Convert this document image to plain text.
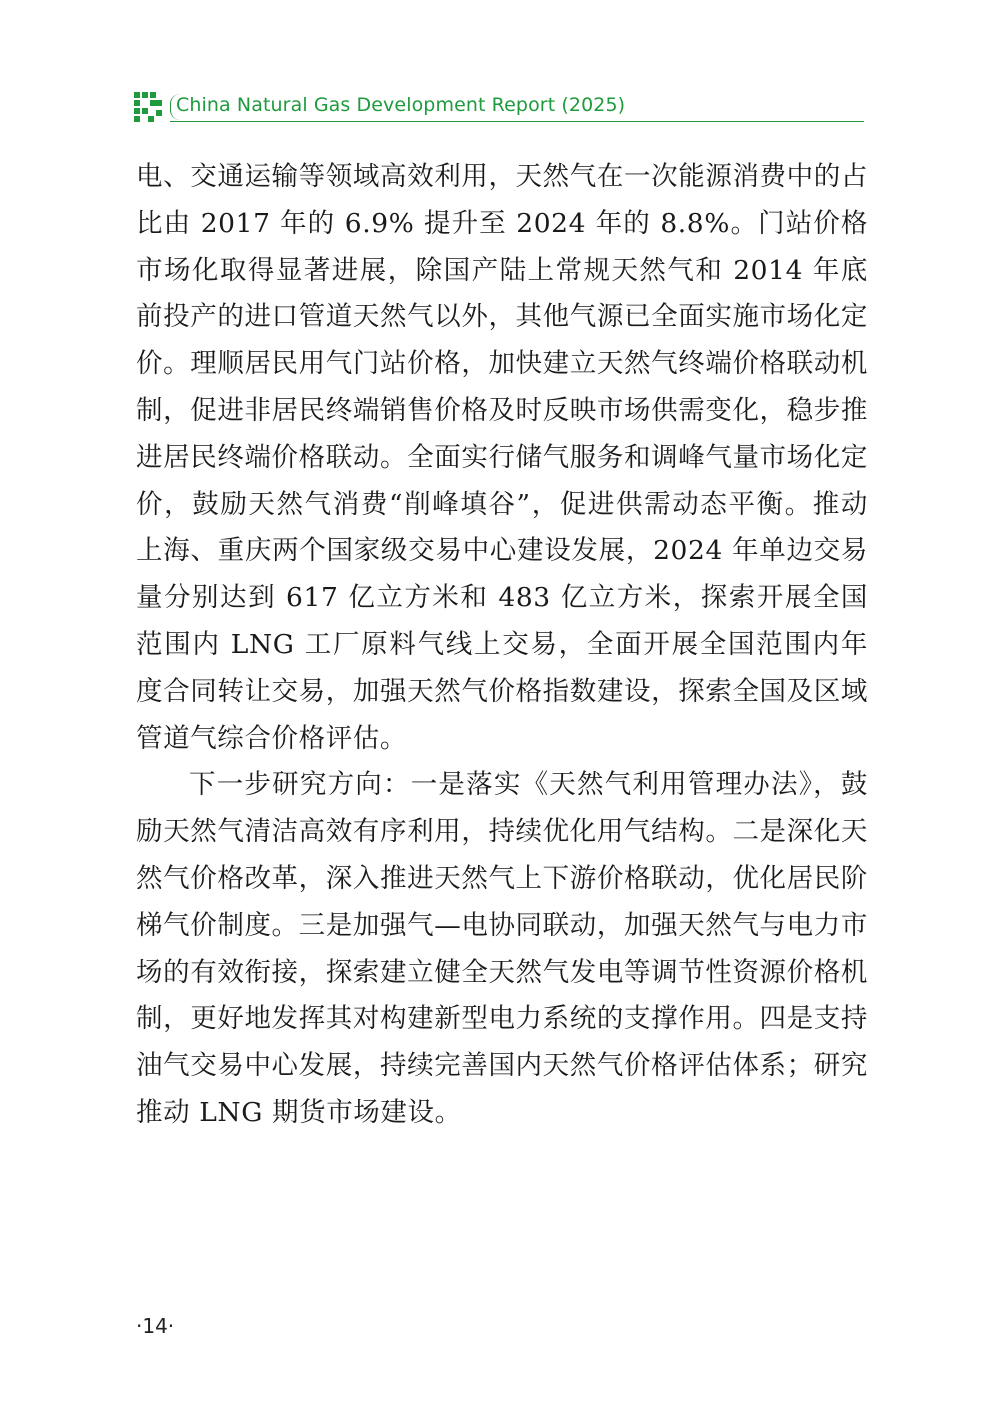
China Natural Gas Development Report (2025)

电、交通运输等领域高效利用，天然气在一次能源消费中的占比由 2017 年的 6.9% 提升至 2024 年的 8.8%。门站价格市场化取得显著进展，除国产陆上常规天然气和 2014 年底前投产的进口管道天然气以外，其他气源已全面实施市场化定价。理顺居民用气门站价格，加快建立天然气终端价格联动机制，促进非居民终端销售价格及时反映市场供需变化，稳步推进居民终端价格联动。全面实行储气服务和调峰气量市场化定价，鼓励天然气消费“削峰填谷”，促进供需动态平衡。推动上海、重庆两个国家级交易中心建设发展，2024 年单边交易量分别达到 617 亿立方米和 483 亿立方米，探索开展全国范围内 LNG 工厂原料气线上交易，全面开展全国范围内年度合同转让交易，加强天然气价格指数建设，探索全国及区域管道气综合价格评估。

下一步研究方向：一是落实《天然气利用管理办法》，鼓励天然气清洁高效有序利用，持续优化用气结构。二是深化天然气价格改革，深入推进天然气上下游价格联动，优化居民阶梯气价制度。三是加强气—电协同联动，加强天然气与电力市场的有效衔接，探索建立健全天然气发电等调节性资源价格机制，更好地发挥其对构建新型电力系统的支撑作用。四是支持油气交易中心发展，持续完善国内天然气价格评估体系；研究推动 LNG 期货市场建设。

·14·
